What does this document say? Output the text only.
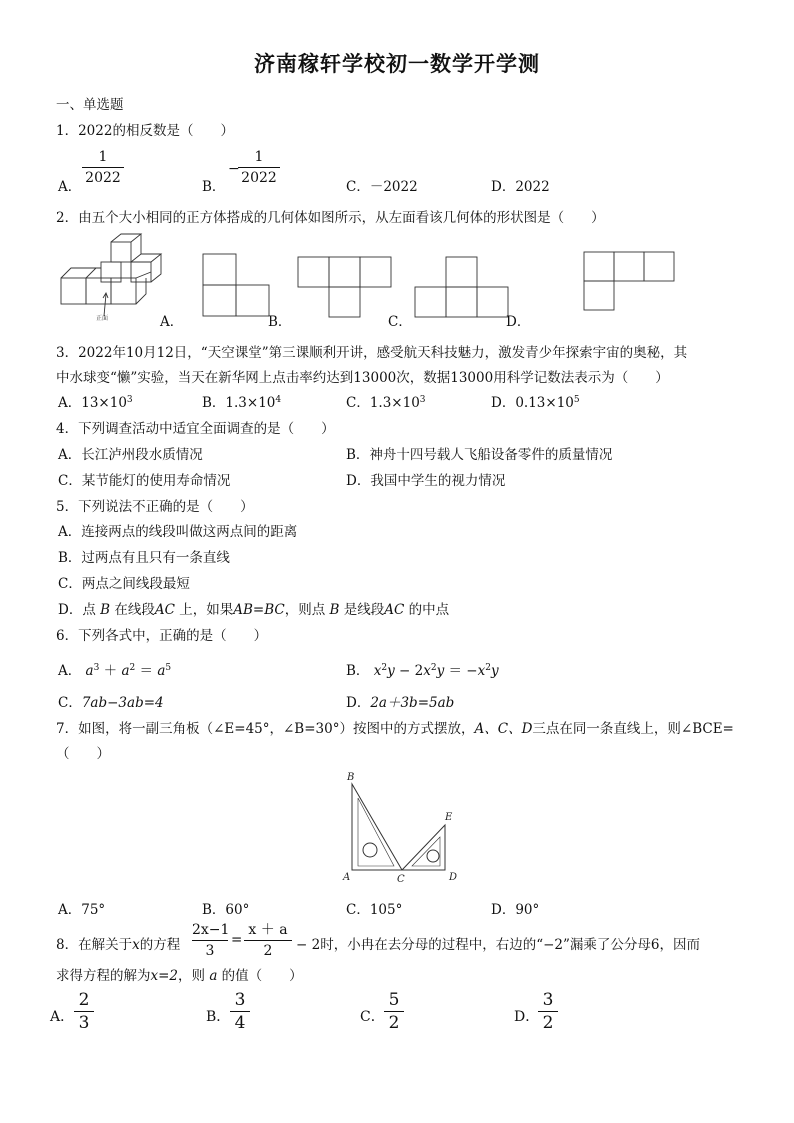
济南稼轩学校初一数学开学测
一、单选题
1．2022的相反数是（　　）
A．
1
2022
B．
−
1
2022
C．－2022	D．2022
2．由五个大小相同的正方体搭成的几何体如图所示，从左面看该几何体的形状图是（　　）
正面	A．	B．	C．	D．
3．2022年10月12日，“天空课堂”第三课顺利开讲，感受航天科技魅力，激发青少年探索宇宙的奥秘，其
中水球变“懒”实验，当天在新华网上点击率约达到13000次，数据13000用科学记数法表示为（　　）
A．$13\times 10^3$	B．$1.3\times 10^4$	C．$1.3\times 10^3$	D．$0.13\times 10^5$
4．下列调查活动中适宜全面调查的是（　　）
A．长江泸州段水质情况	B．神舟十四号载人飞船设备零件的质量情况
C．某节能灯的使用寿命情况	D．我国中学生的视力情况
5．下列说法不正确的是（　　）
A．连接两点的线段叫做这两点间的距离
B．过两点有且只有一条直线
C．两点之间线段最短
D．点 B 在线段AC 上，如果AB=BC，则点 B 是线段AC 的中点
6．下列各式中，正确的是（　　）
A． $a^3 + a^2 = a^5$	B． $x^2y - 2x^2y = -x^2y$
C．7ab−3ab=4	D．2a＋3b=5ab
7．如图，将一副三角板（∠E=45°，∠B=30°）按图中的方式摆放，A、C、D三点在同一条直线上，则∠BCE=
（　　）
B
E
A	C	D
A．75°	B．60°	C．105°	D．90°
8．在解关于x的方程
2x−1
3
=
x ＋ a
2	− 2时，小冉在去分母的过程中，右边的“−2”漏乘了公分母6，因而
求得方程的解为x=2，则 a 的值（　　）
A．
2
3	B．
3
4	C．
5
2	D．
3
2
